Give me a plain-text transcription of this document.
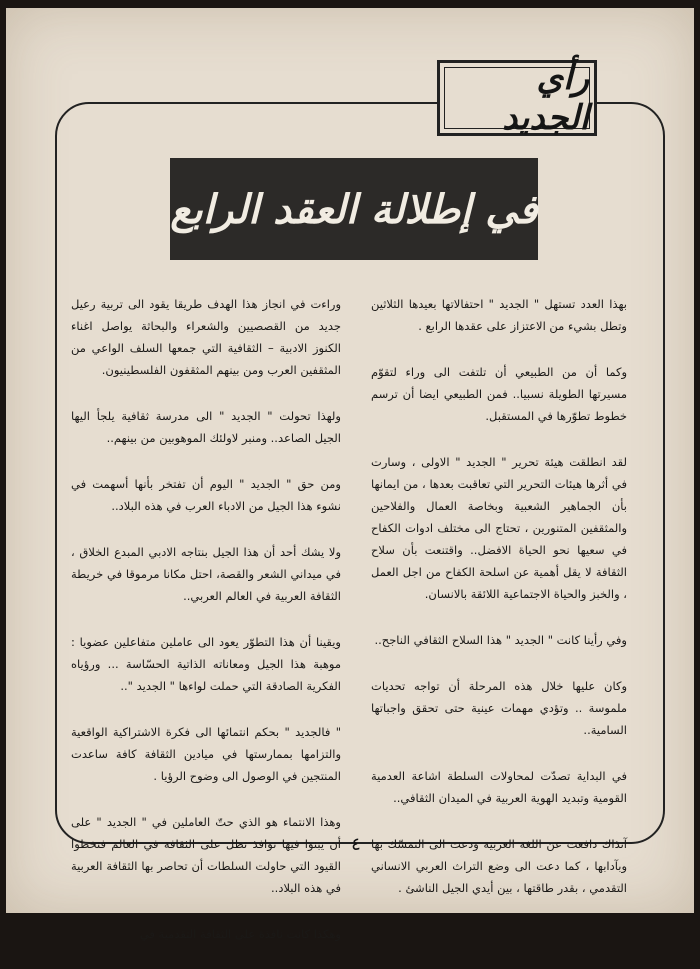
رأي الجديد
في إطلالة العقد الرابع

بهذا العدد تستهل " الجديد " احتفالاتها بعيدها الثلاثين وتطل بشيء من الاعتزاز على عقدها الرابع .

وكما أن من الطبيعي أن تلتفت الى وراء لتقوّم مسيرتها الطويلة نسبيا.. فمن الطبيعي ايضا أن ترسم خطوط تطوّرها في المستقبل.

لقد انطلقت هيئة تحرير " الجديد " الاولى ، وسارت في أثرها هيئات التحرير التي تعاقبت بعدها ، من ايمانها بأن الجماهير الشعبية وبخاصة العمال والفلاحين والمثقفين المتنورين ، تحتاج الى مختلف ادوات الكفاح في سعيها نحو الحياة الافضل.. واقتنعت بأن سلاح الثقافة لا يقل أهمية عن اسلحة الكفاح من اجل العمل ، والخبز والحياة الاجتماعية اللائقة بالانسان.

وفي رأينا كانت " الجديد " هذا السلاح الثقافي الناجح..

وكان عليها خلال هذه المرحلة أن تواجه تحديات ملموسة .. وتؤدي مهمات عينية حتى تحقق واجباتها السامية..

في البداية تصدّت لمحاولات السلطة اشاعة العدمية القومية وتبديد الهوية العربية في الميدان الثقافي..

آنذاك دافعت عن اللغة العربية ودعت الى التمسّك بها وبآدابها ، كما دعت الى وضع التراث العربي الانساني التقدمي ، بقدر طاقتها ، بين أيدي الجيل الناشئ .

وراءت في انجاز هذا الهدف طريقا يقود الى تربية رعيل جديد من القصصيين والشعراء والبحاثة يواصل اغناء الكنوز الادبية – الثقافية التي جمعها السلف الواعي من المثقفين العرب ومن بينهم المثقفون الفلسطينيون.

ولهذا تحولت " الجديد " الى مدرسة ثقافية يلجأ اليها الجيل الصاعد.. ومنبر لاولئك الموهوبين من بينهم..

ومن حق " الجديد " اليوم أن تفتخر بأنها أسهمت في نشوء هذا الجيل من الادباء العرب في هذه البلاد..

ولا يشك أحد أن هذا الجيل بنتاجه الادبي المبدع الخلاق ، في ميداني الشعر والقصة، احتل مكانا مرموقا في خريطة الثقافة العربية في العالم العربي..

ويقينا أن هذا التطوّر يعود الى عاملين متفاعلين عضويا : موهبة هذا الجيل ومعاناته الذاتية الحسّاسة ... ورؤياه الفكرية الصادقة التي حملت لواءها " الجديد "..

" فالجديد " بحكم انتمائها الى فكرة الاشتراكية الواقعية والتزامها بممارستها في ميادين الثقافة كافة ساعدت المنتجين في الوصول الى وضوح الرؤيا .

وهذا الانتماء هو الذي حتّ العاملين في " الجديد " على أن يبنوا فيها نوافذ تطل على الثقافة في العالم فتخطوا القيود التي حاولت السلطات أن تحاصر بها الثقافة العربية في هذه البلاد..

وهكذا كانت نافذة على الثقافة التقدمية في

٤
